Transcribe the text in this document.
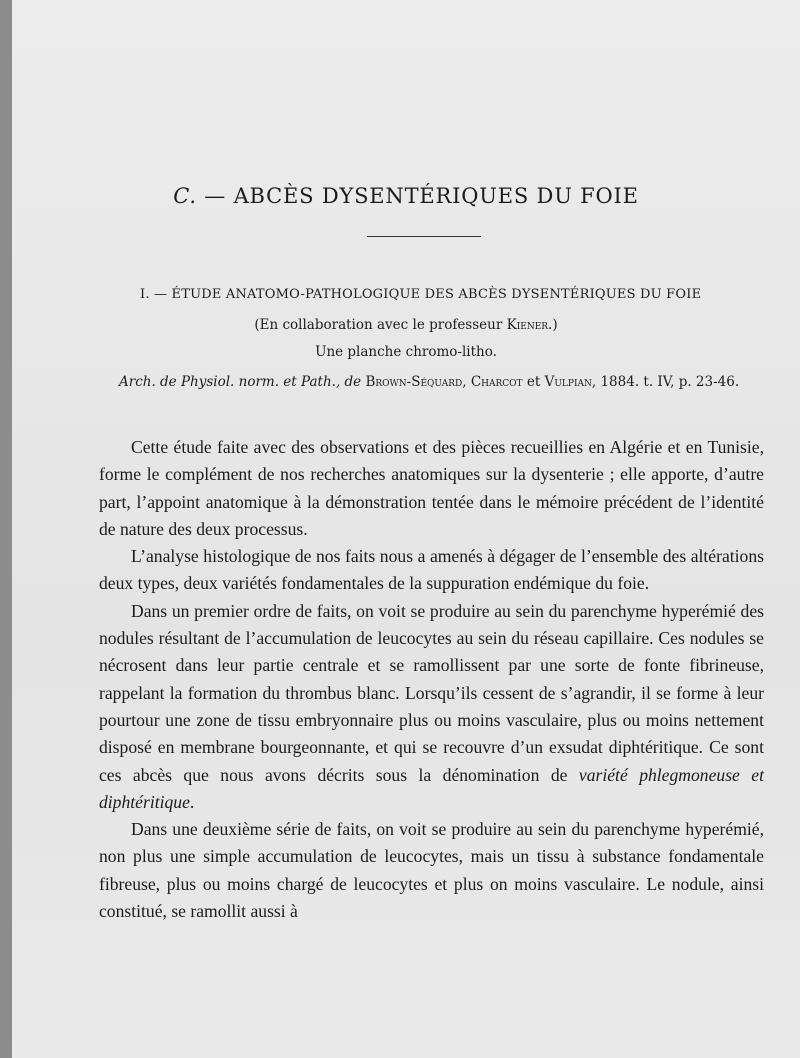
C. — ABCÈS DYSENTÉRIQUES DU FOIE
I. — ÉTUDE ANATOMO-PATHOLOGIQUE DES ABCÈS DYSENTÉRIQUES DU FOIE
(En collaboration avec le professeur Kiener.)
Une planche chromo-litho.
Arch. de Physiol. norm. et Path., de Brown-Séquard, Charcot et Vulpian, 1884. t. IV, p. 23-46.

Cette étude faite avec des observations et des pièces recueillies en Algérie et en Tunisie, forme le complément de nos recherches anatomiques sur la dysenterie ; elle apporte, d’autre part, l’appoint anatomique à la démonstration tentée dans le mémoire précédent de l’identité de nature des deux processus.

L’analyse histologique de nos faits nous a amenés à dégager de l’ensemble des altérations deux types, deux variétés fondamentales de la suppuration endémique du foie.

Dans un premier ordre de faits, on voit se produire au sein du parenchyme hyperémié des nodules résultant de l’accumulation de leucocytes au sein du réseau capillaire. Ces nodules se nécrosent dans leur partie centrale et se ramollissent par une sorte de fonte fibrineuse, rappelant la formation du thrombus blanc. Lorsqu’ils cessent de s’agrandir, il se forme à leur pourtour une zone de tissu embryonnaire plus ou moins vasculaire, plus ou moins nettement disposé en membrane bourgeonnante, et qui se recouvre d’un exsudat diphtéritique. Ce sont ces abcès que nous avons décrits sous la dénomination de variété phlegmoneuse et diphtéritique.

Dans une deuxième série de faits, on voit se produire au sein du parenchyme hyperémié, non plus une simple accumulation de leucocytes, mais un tissu à substance fondamentale fibreuse, plus ou moins chargé de leucocytes et plus on moins vasculaire. Le nodule, ainsi constitué, se ramollit aussi à
